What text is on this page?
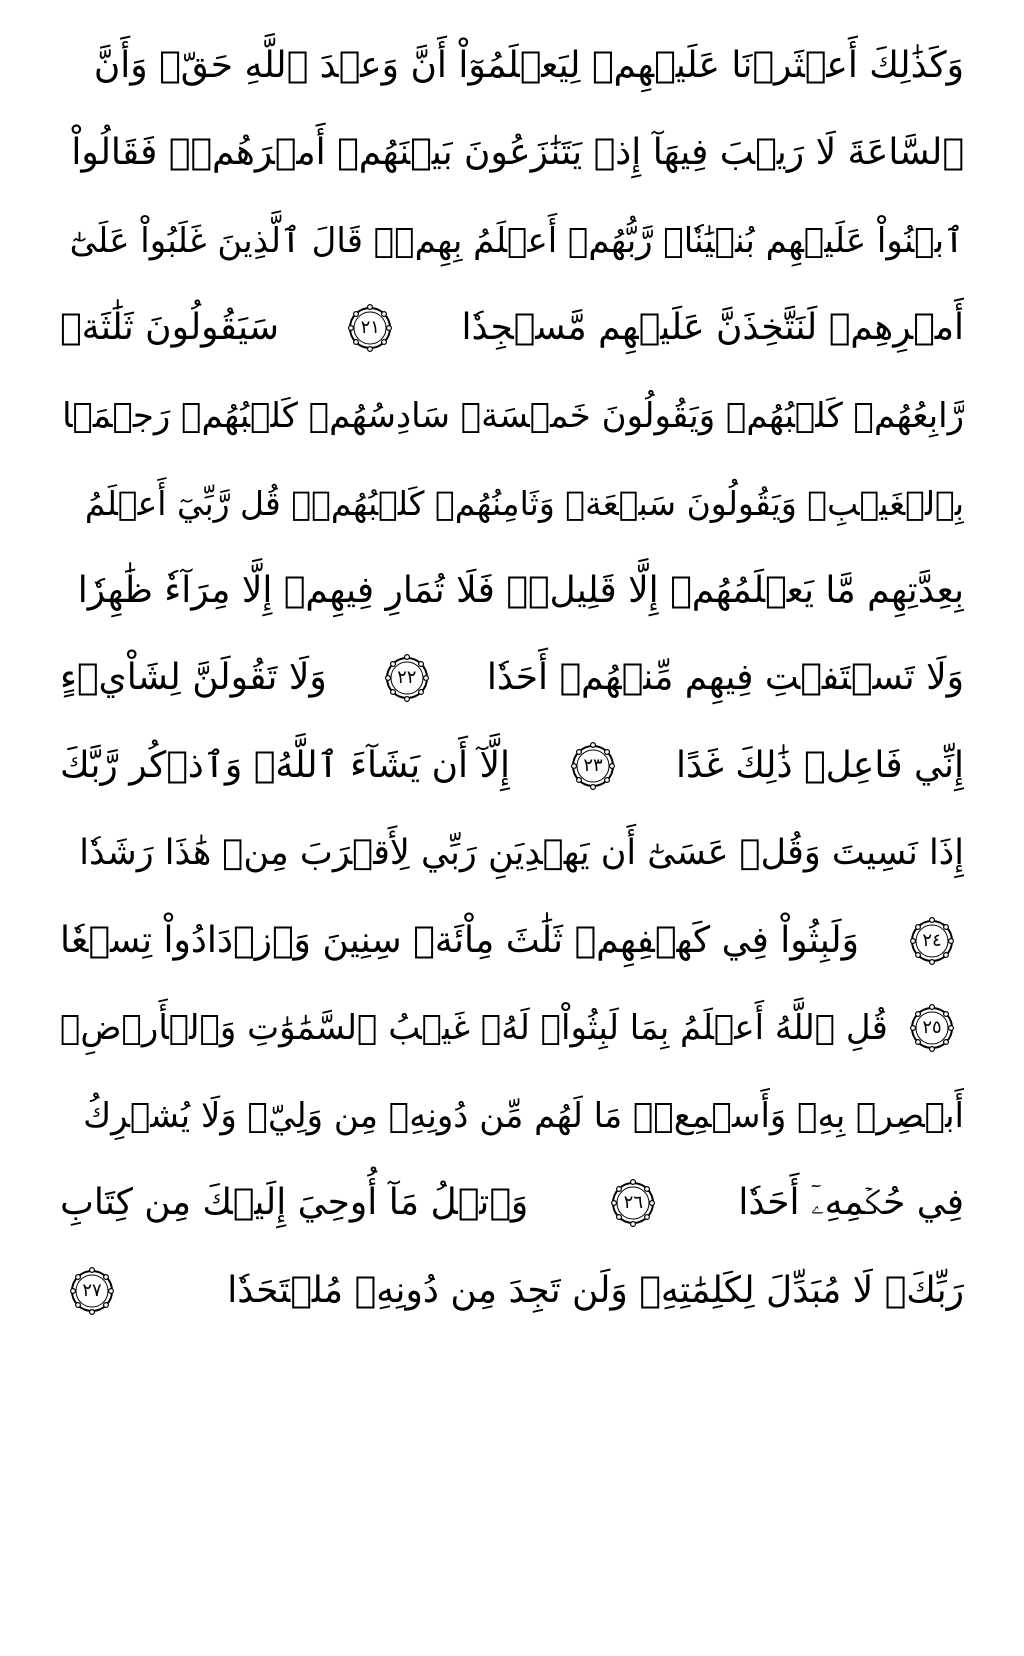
وَكَذَٰلِكَ أَعۡثَرۡنَا عَلَيۡهِمۡ لِيَعۡلَمُوٓاْ أَنَّ وَعۡدَ ٱللَّهِ حَقّٞ وَأَنَّ
ٱلسَّاعَةَ لَا رَيۡبَ فِيهَآ إِذۡ يَتَنَٰزَعُونَ بَيۡنَهُمۡ أَمۡرَهُمۡۖ فَقَالُواْ
ٱبۡنُواْ عَلَيۡهِم بُنۡيَٰنٗاۖ رَّبُّهُمۡ أَعۡلَمُ بِهِمۡۚ قَالَ ٱلَّذِينَ غَلَبُواْ عَلَىٰٓ
أَمۡرِهِمۡ لَنَتَّخِذَنَّ عَلَيۡهِم مَّسۡجِدٗا
٢١
سَيَقُولُونَ ثَلَٰثَةٞ
رَّابِعُهُمۡ كَلۡبُهُمۡ وَيَقُولُونَ خَمۡسَةٞ سَادِسُهُمۡ كَلۡبُهُمۡ رَجۡمَۢا
بِٱلۡغَيۡبِۖ وَيَقُولُونَ سَبۡعَةٞ وَثَامِنُهُمۡ كَلۡبُهُمۡۚ قُل رَّبِّيٓ أَعۡلَمُ
بِعِدَّتِهِم مَّا يَعۡلَمُهُمۡ إِلَّا قَلِيلٞۗ فَلَا تُمَارِ فِيهِمۡ إِلَّا مِرَآءٗ ظَٰهِرٗا
وَلَا تَسۡتَفۡتِ فِيهِم مِّنۡهُمۡ أَحَدٗا
٢٢
وَلَا تَقُولَنَّ لِشَاْيۡءٍ
إِنِّي فَاعِلٞ ذَٰلِكَ غَدًا
٢٣
إِلَّآ أَن يَشَآءَ ٱللَّهُۚ وَٱذۡكُر رَّبَّكَ
إِذَا نَسِيتَ وَقُلۡ عَسَىٰٓ أَن يَهۡدِيَنِ رَبِّي لِأَقۡرَبَ مِنۡ هَٰذَا رَشَدٗا
٢٤
وَلَبِثُواْ فِي كَهۡفِهِمۡ ثَلَٰثَ مِاْئَةٖ سِنِينَ وَٱزۡدَادُواْ تِسۡعٗا
٢٥
قُلِ ٱللَّهُ أَعۡلَمُ بِمَا لَبِثُواْۖ لَهُۥ غَيۡبُ ٱلسَّمَٰوَٰتِ وَٱلۡأَرۡضِۖ
أَبۡصِرۡ بِهِۦ وَأَسۡمِعۡۚ مَا لَهُم مِّن دُونِهِۦ مِن وَلِيّٖ وَلَا يُشۡرِكُ
فِي حُكۡمِهِۦٓ أَحَدٗا
٢٦
وَٱتۡلُ مَآ أُوحِيَ إِلَيۡكَ مِن كِتَابِ
رَبِّكَۖ لَا مُبَدِّلَ لِكَلِمَٰتِهِۦ وَلَن تَجِدَ مِن دُونِهِۦ مُلۡتَحَدٗا
٢٧
